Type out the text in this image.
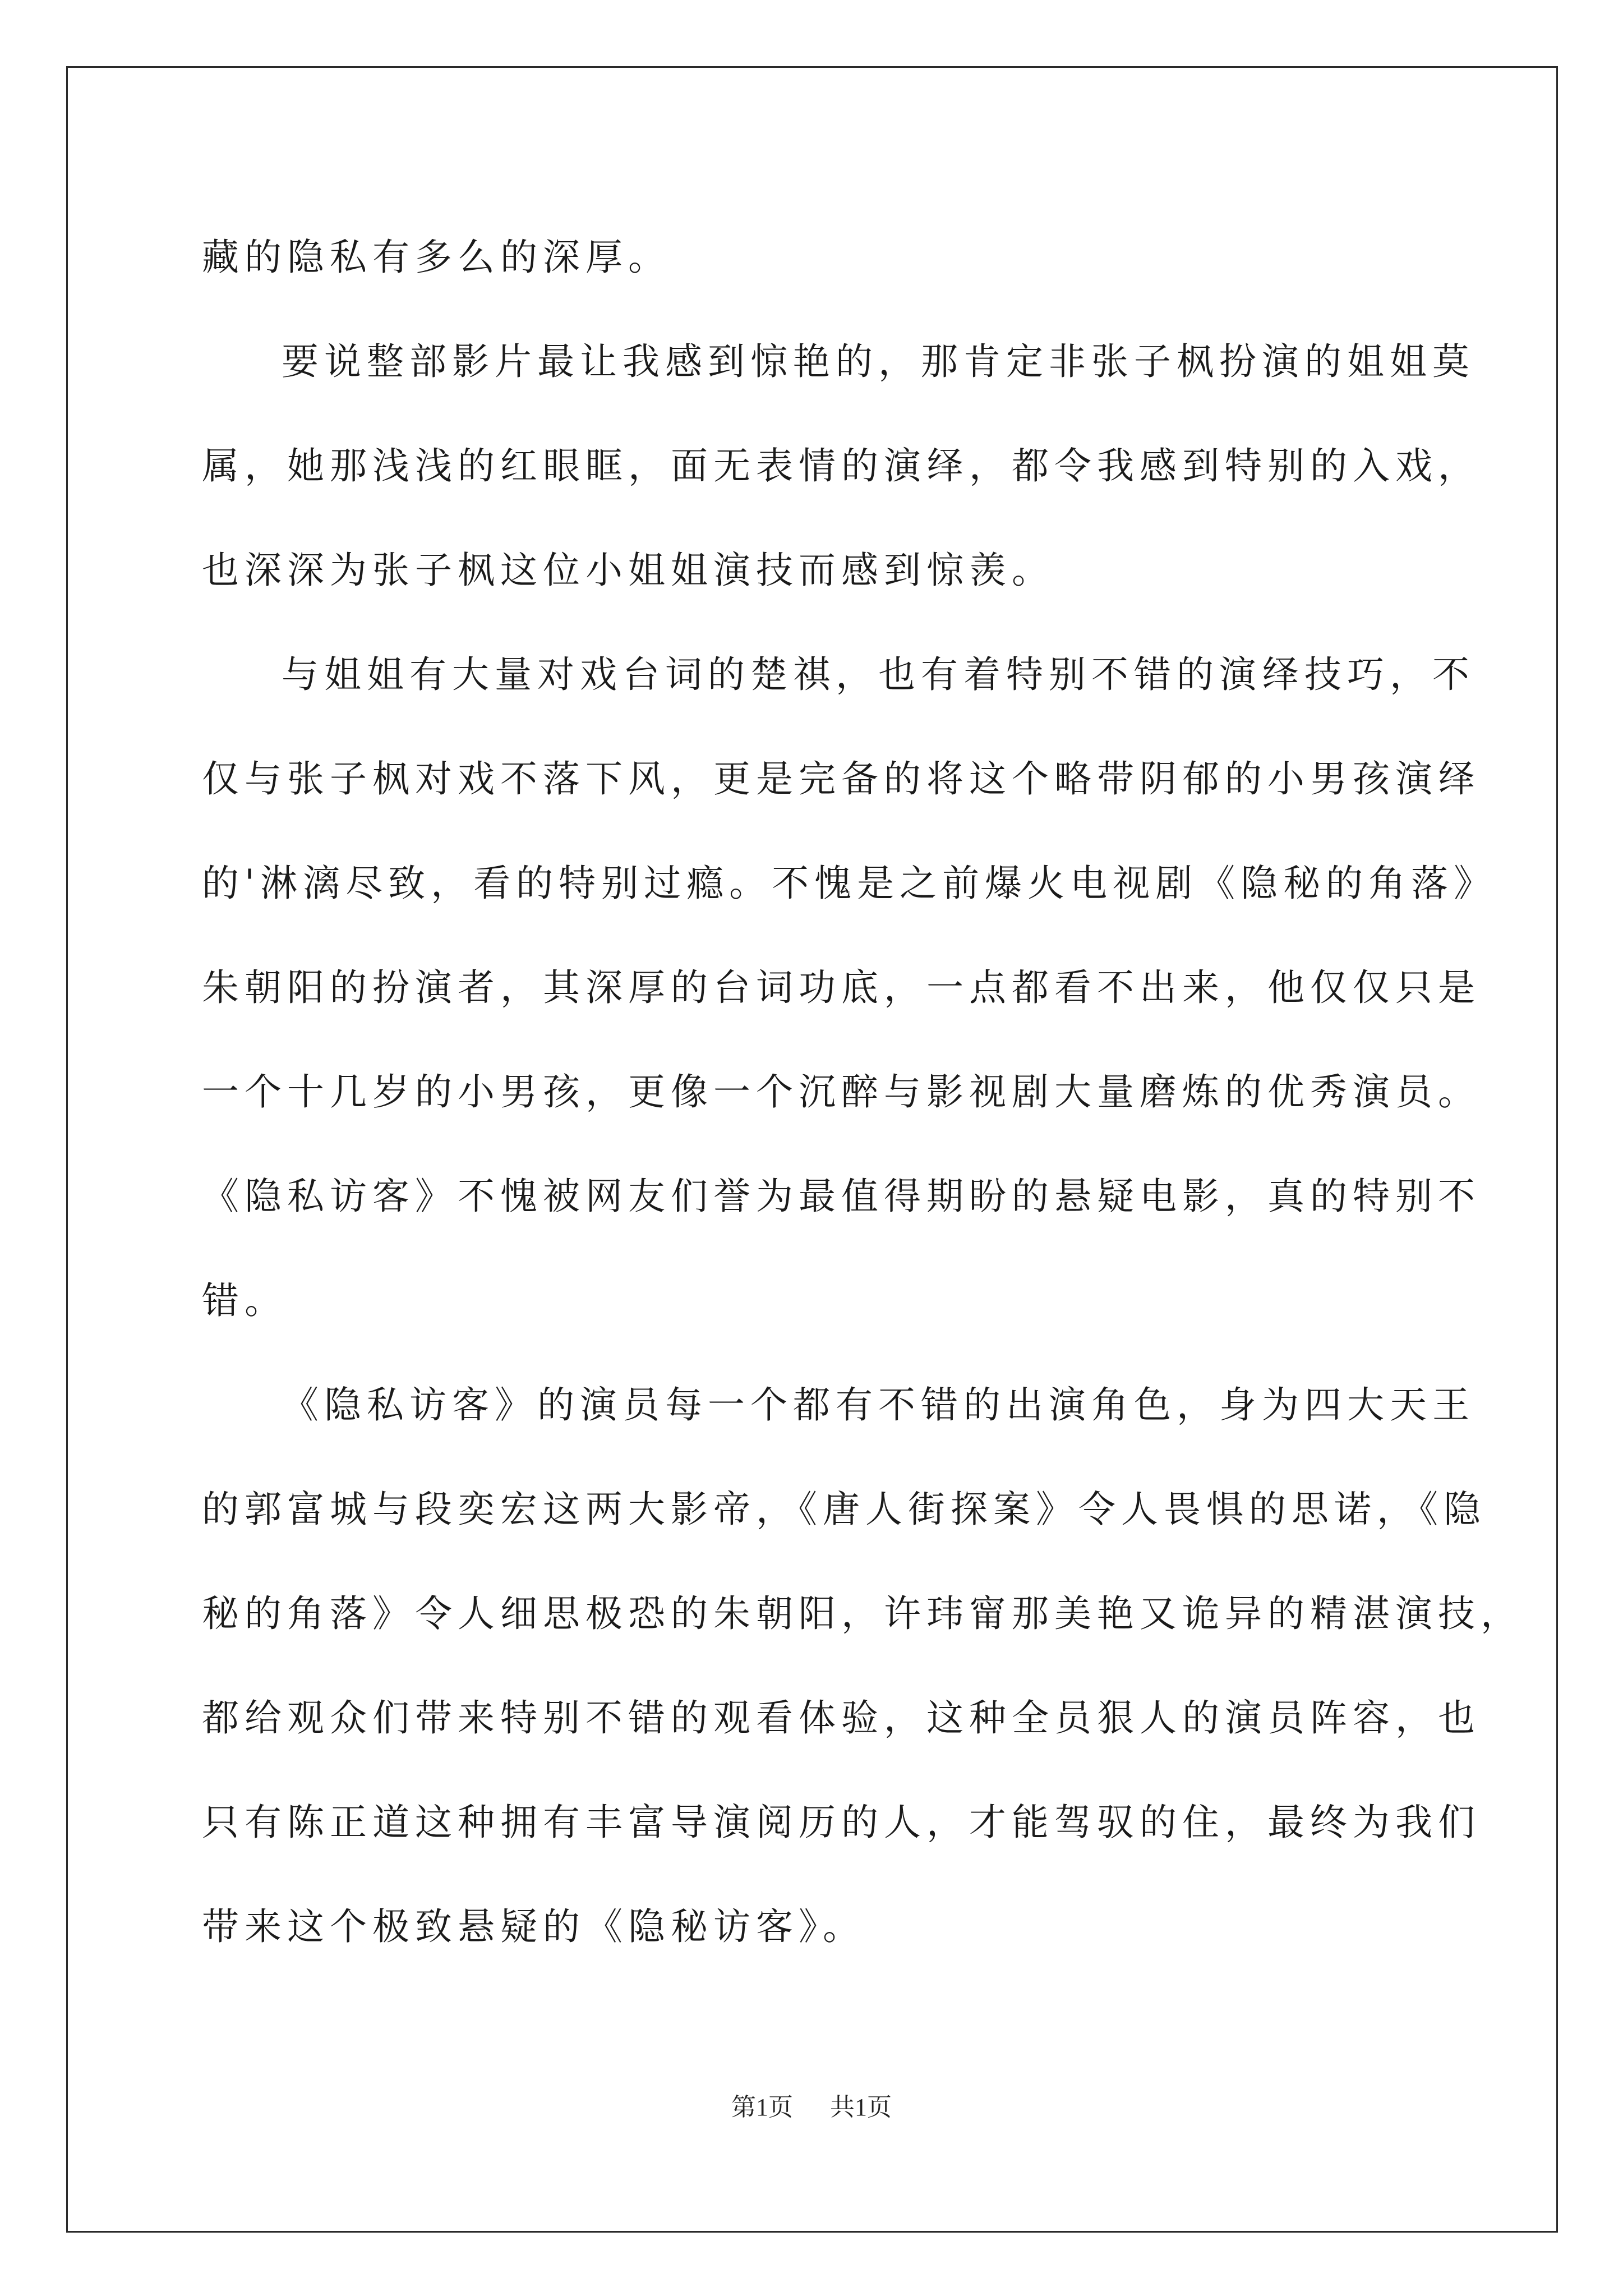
藏的隐私有多么的深厚。
要说整部影片最让我感到惊艳的，那肯定非张子枫扮演的姐姐莫
属，她那浅浅的红眼眶，面无表情的演绎，都令我感到特别的入戏，
也深深为张子枫这位小姐姐演技而感到惊羡。
与姐姐有大量对戏台词的楚祺，也有着特别不错的演绎技巧，不
仅与张子枫对戏不落下风，更是完备的将这个略带阴郁的小男孩演绎
的'淋漓尽致，看的特别过瘾。不愧是之前爆火电视剧《隐秘的角落》
朱朝阳的扮演者，其深厚的台词功底，一点都看不出来，他仅仅只是
一个十几岁的小男孩，更像一个沉醉与影视剧大量磨炼的优秀演员。
《隐私访客》不愧被网友们誉为最值得期盼的悬疑电影，真的特别不
错。
《隐私访客》的演员每一个都有不错的出演角色，身为四大天王
的郭富城与段奕宏这两大影帝，《唐人街探案》令人畏惧的思诺，《隐
秘的角落》令人细思极恐的朱朝阳，许玮甯那美艳又诡异的精湛演技，
都给观众们带来特别不错的观看体验，这种全员狠人的演员阵容，也
只有陈正道这种拥有丰富导演阅历的人，才能驾驭的住，最终为我们
带来这个极致悬疑的《隐秘访客》。
第1页 共1页
